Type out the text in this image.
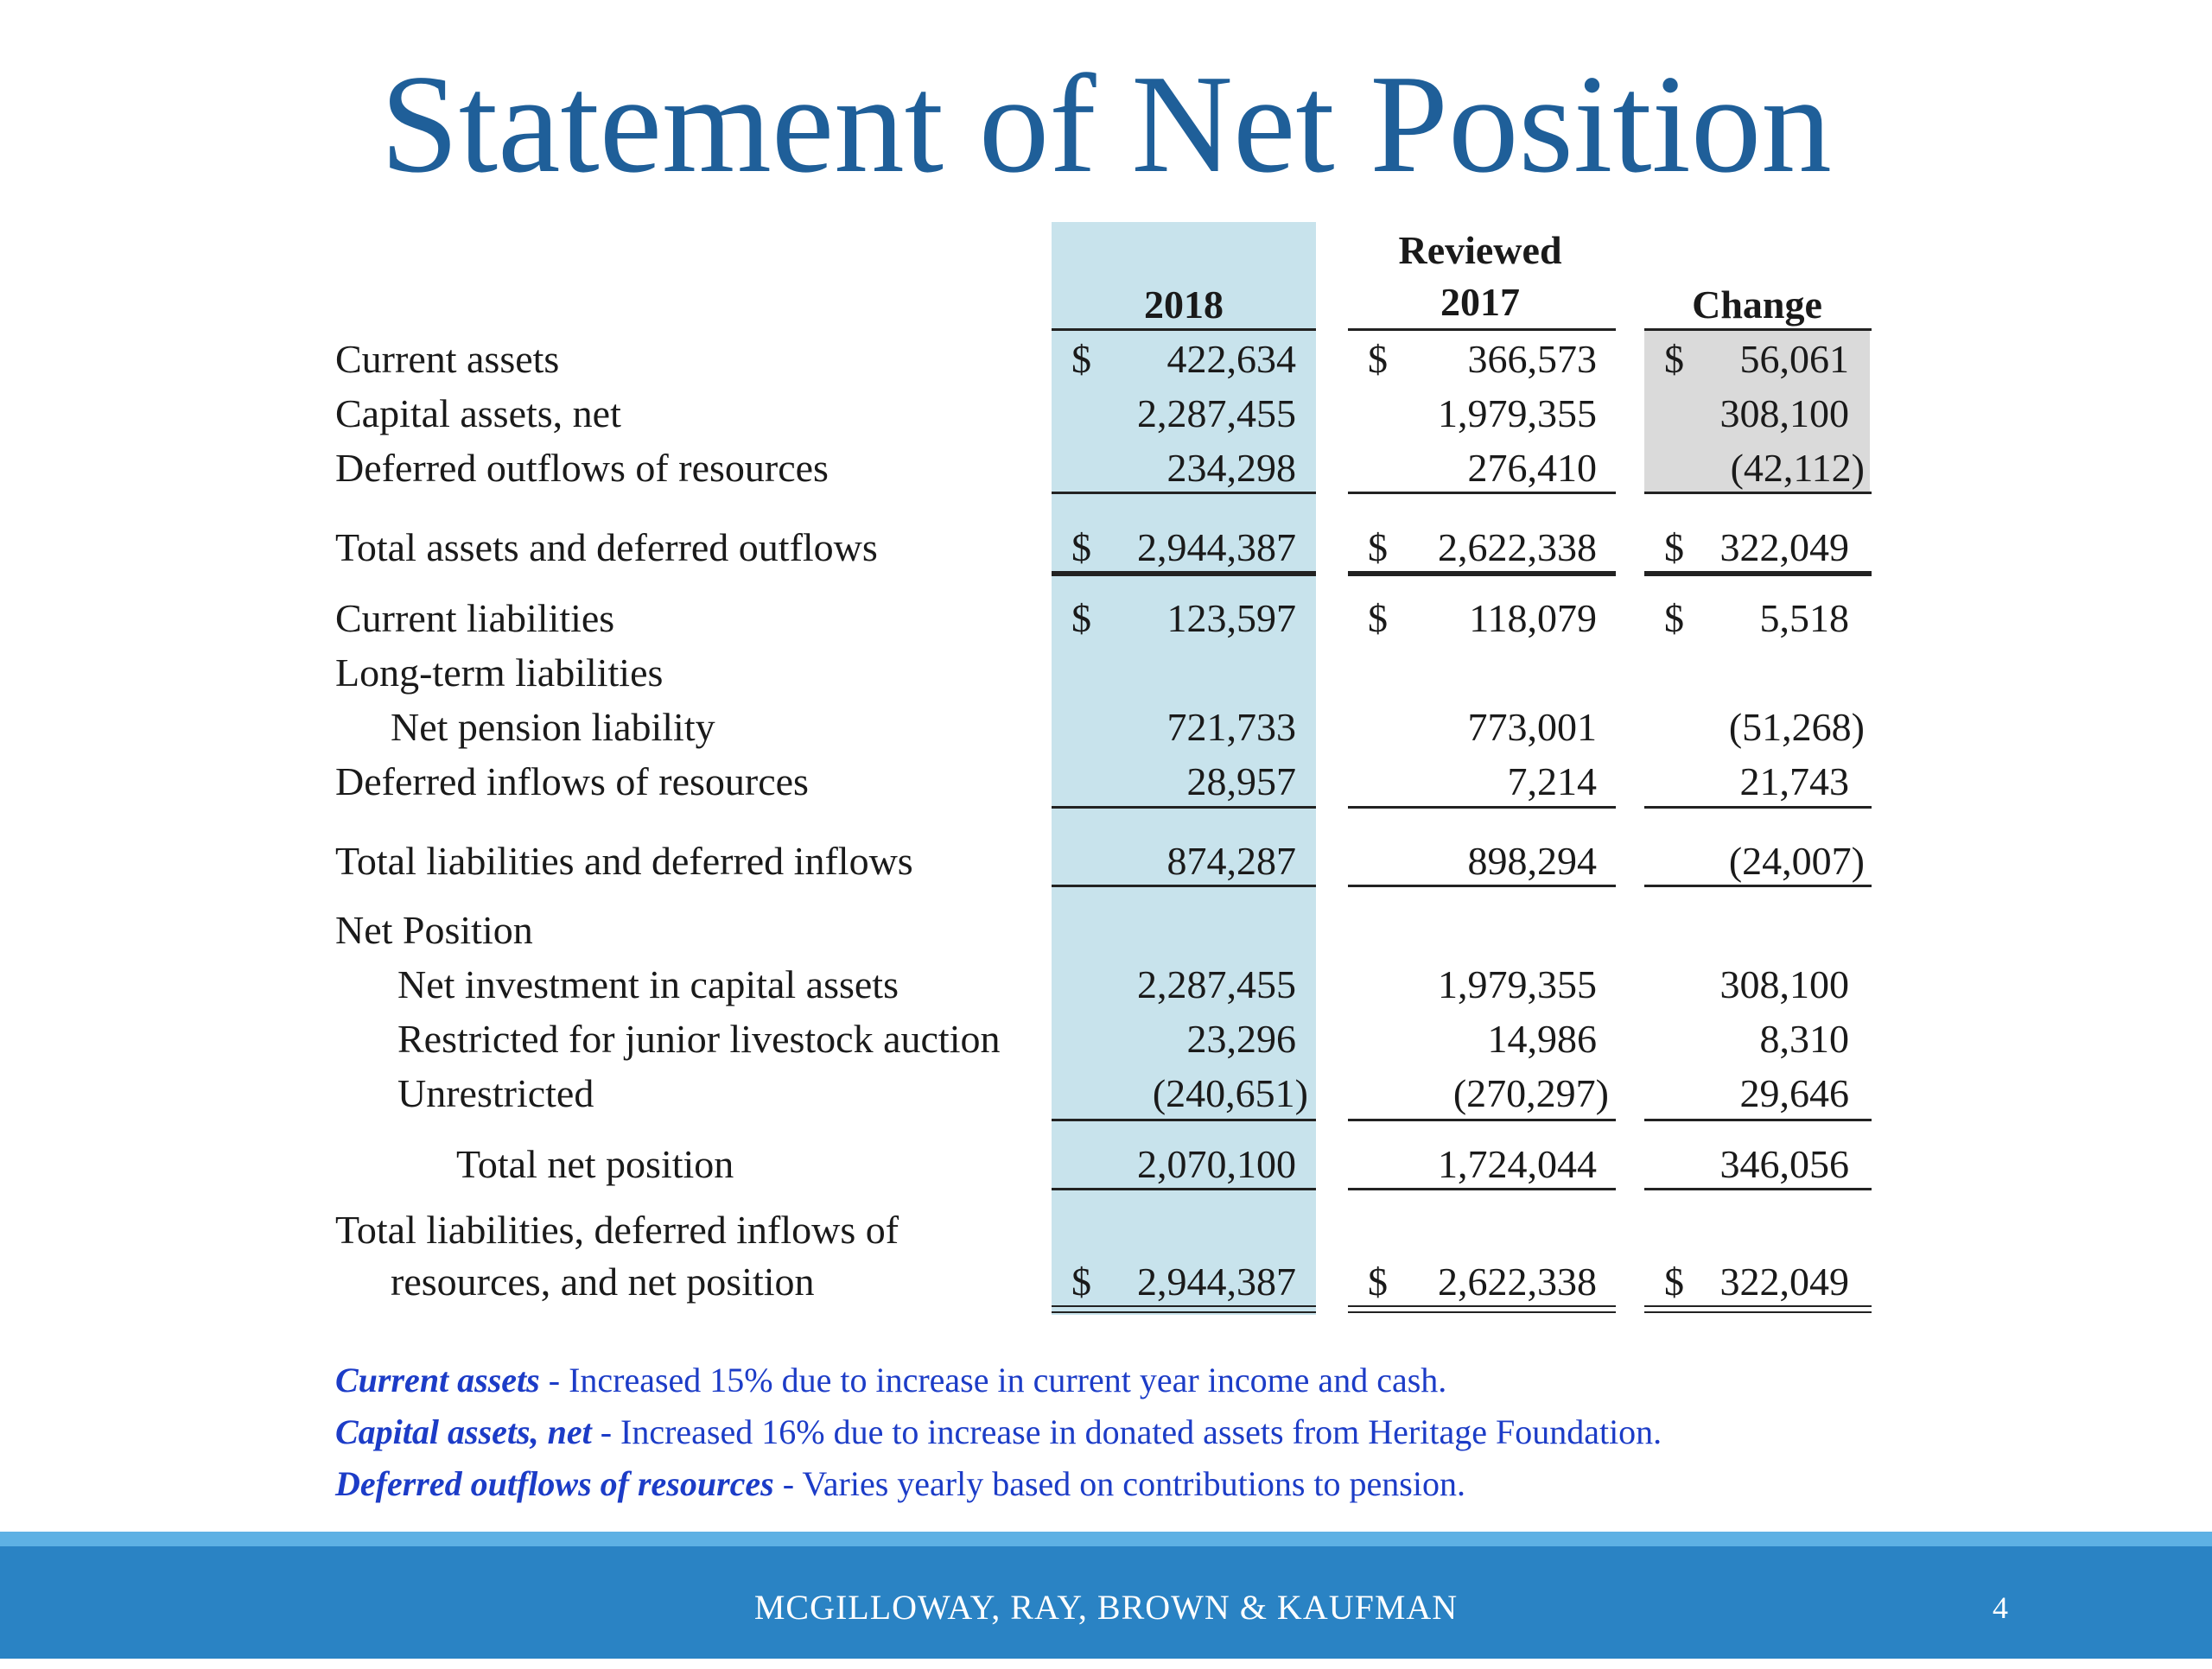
Statement of Net Position
2018
Reviewed
2017	Change
Current assets	$	422,634 $	366,573 $	56,061
Capital assets, net	2,287,455	1,979,355	308,100
Deferred outflows of resources	234,298	276,410	(42,112)
Total assets and deferred outflows	$	2,944,387 $	2,622,338 $ 322,049
Current liabilities	$	123,597 $	118,079 $	5,518
Long-term liabilities
Net pension liability	721,733	773,001	(51,268)
Deferred inflows of resources	28,957	7,214	21,743
Total liabilities and deferred inflows	874,287	898,294	(24,007)
Net Position
Net investment in capital assets	2,287,455	1,979,355	308,100
Restricted for junior livestock auction	23,296	14,986	8,310
Unrestricted	(240,651)	(270,297)	29,646
Total net position	2,070,100	1,724,044	346,056
Total liabilities, deferred inflows of
resources, and net position	$	2,944,387 $	2,622,338 $ 322,049
Current assets - Increased 15% due to increase in current year income and cash.
Capital assets, net - Increased 16% due to increase in donated assets from Heritage Foundation.
Deferred outflows of resources - Varies yearly based on contributions to pension.
MCGILLOWAY, RAY, BROWN & KAUFMAN	4
